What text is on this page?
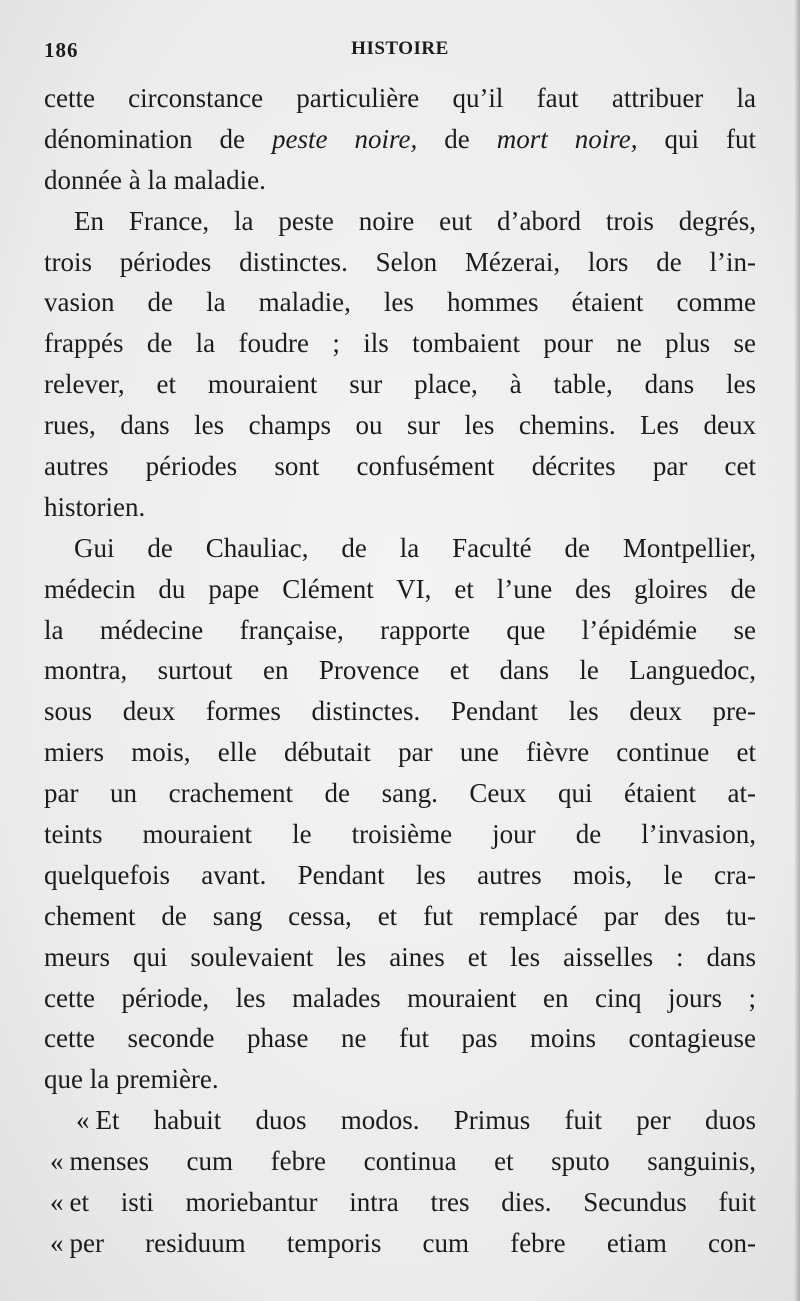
186	HISTOIRE
cette circonstance particulière qu’il faut attribuer la
dénomination de peste noire, de mort noire, qui fut
donnée à la maladie.
En France, la peste noire eut d’abord trois degrés,
trois périodes distinctes. Selon Mézerai, lors de l’in-
vasion de la maladie, les hommes étaient comme
frappés de la foudre ; ils tombaient pour ne plus se
relever, et mouraient sur place, à table, dans les
rues, dans les champs ou sur les chemins. Les deux
autres périodes sont confusément décrites par cet
historien.
Gui de Chauliac, de la Faculté de Montpellier,
médecin du pape Clément VI, et l’une des gloires de
la médecine française, rapporte que l’épidémie se
montra, surtout en Provence et dans le Languedoc,
sous deux formes distinctes. Pendant les deux pre-
miers mois, elle débutait par une fièvre continue et
par un crachement de sang. Ceux qui étaient at-
teints mouraient le troisième jour de l’invasion,
quelquefois avant. Pendant les autres mois, le cra-
chement de sang cessa, et fut remplacé par des tu-
meurs qui soulevaient les aines et les aisselles : dans
cette période, les malades mouraient en cinq jours ;
cette seconde phase ne fut pas moins contagieuse
que la première.
« Et habuit duos modos. Primus fuit per duos
« menses cum febre continua et sputo sanguinis,
« et isti moriebantur intra tres dies. Secundus fuit
« per residuum temporis cum febre etiam con-
